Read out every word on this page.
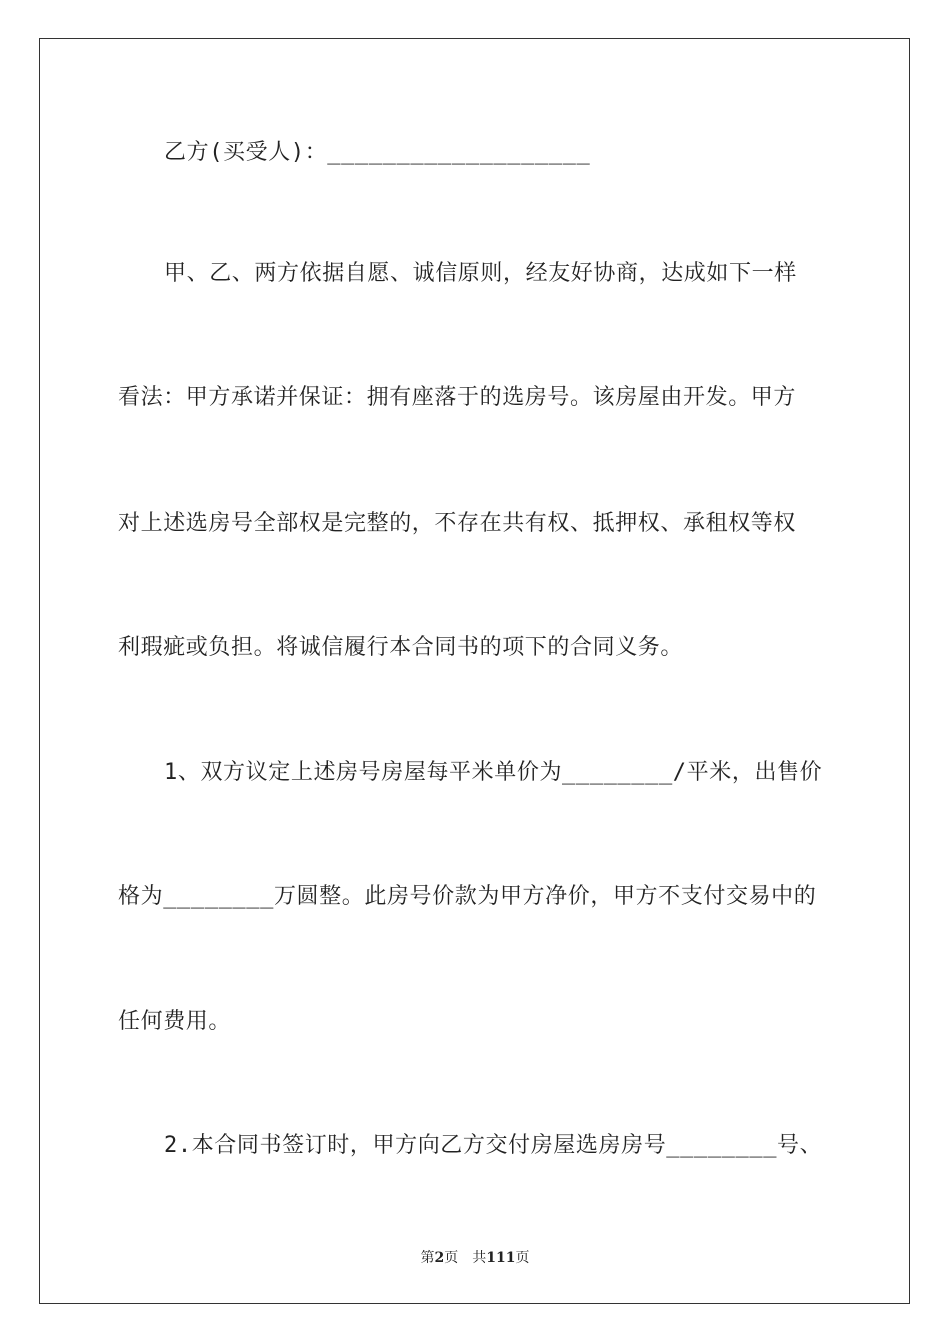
乙方(买受人)：___________________
甲、乙、两方依据自愿、诚信原则，经友好协商，达成如下一样
看法：甲方承诺并保证：拥有座落于的选房号。该房屋由开发。甲方
对上述选房号全部权是完整的，不存在共有权、抵押权、承租权等权
利瑕疵或负担。将诚信履行本合同书的项下的合同义务。
1、双方议定上述房号房屋每平米单价为________/平米，出售价
格为________万圆整。此房号价款为甲方净价，甲方不支付交易中的
任何费用。
2.本合同书签订时，甲方向乙方交付房屋选房房号________号、
第2页 共111页
